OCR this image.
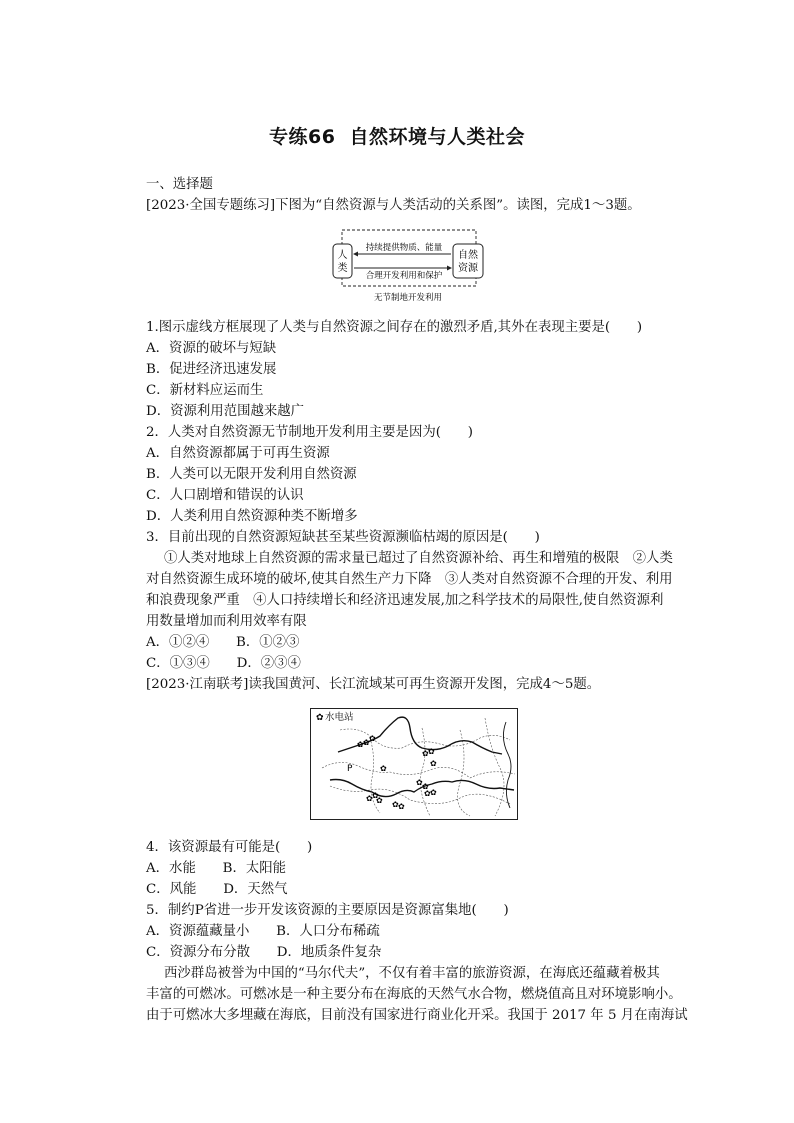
专练66 自然环境与人类社会
一、选择题
[2023·全国专题练习]下图为“自然资源与人类活动的关系图”。读图，完成1～3题。
人
类
自然
资源
持续提供物质、能量
合理开发利用和保护
无节制地开发利用
1.图示虚线方框展现了人类与自然资源之间存在的激烈矛盾,其外在表现主要是(　　)
A．资源的破坏与短缺
B．促进经济迅速发展
C．新材料应运而生
D．资源利用范围越来越广
2．人类对自然资源无节制地开发利用主要是因为(　　)
A．自然资源都属于可再生资源
B．人类可以无限开发利用自然资源
C．人口剧增和错误的认识
D．人类利用自然资源种类不断增多
3．目前出现的自然资源短缺甚至某些资源濒临枯竭的原因是(　　)
①人类对地球上自然资源的需求量已超过了自然资源补给、再生和增殖的极限　②人类
对自然资源生成环境的破坏,使其自然生产力下降　③人类对自然资源不合理的开发、利用
和浪费现象严重　④人口持续增长和经济迅速发展,加之科学技术的局限性,使自然资源利
用数量增加而利用效率有限
A．①②④　　B．①②③
C．①③④　　D．②③④
[2023·江南联考]读我国黄河、长江流域某可再生资源开发图，完成4～5题。
✿ 水电站
P
✿ ✿ ✿
✿ ✿
✿
✿
✿ ✿
✿ ✿ ✿
✿ ✿
✿ ✿
4．该资源最有可能是(　　)
A．水能　　B．太阳能
C．风能　　D．天然气
5．制约P省进一步开发该资源的主要原因是资源富集地(　　)
A．资源蕴藏量小　　B．人口分布稀疏
C．资源分布分散　　D．地质条件复杂
西沙群岛被誉为中国的“马尔代夫”，不仅有着丰富的旅游资源，在海底还蕴藏着极其
丰富的可燃冰。可燃冰是一种主要分布在海底的天然气水合物，燃烧值高且对环境影响小。
由于可燃冰大多埋藏在海底，目前没有国家进行商业化开采。我国于 2017 年 5 月在南海试
